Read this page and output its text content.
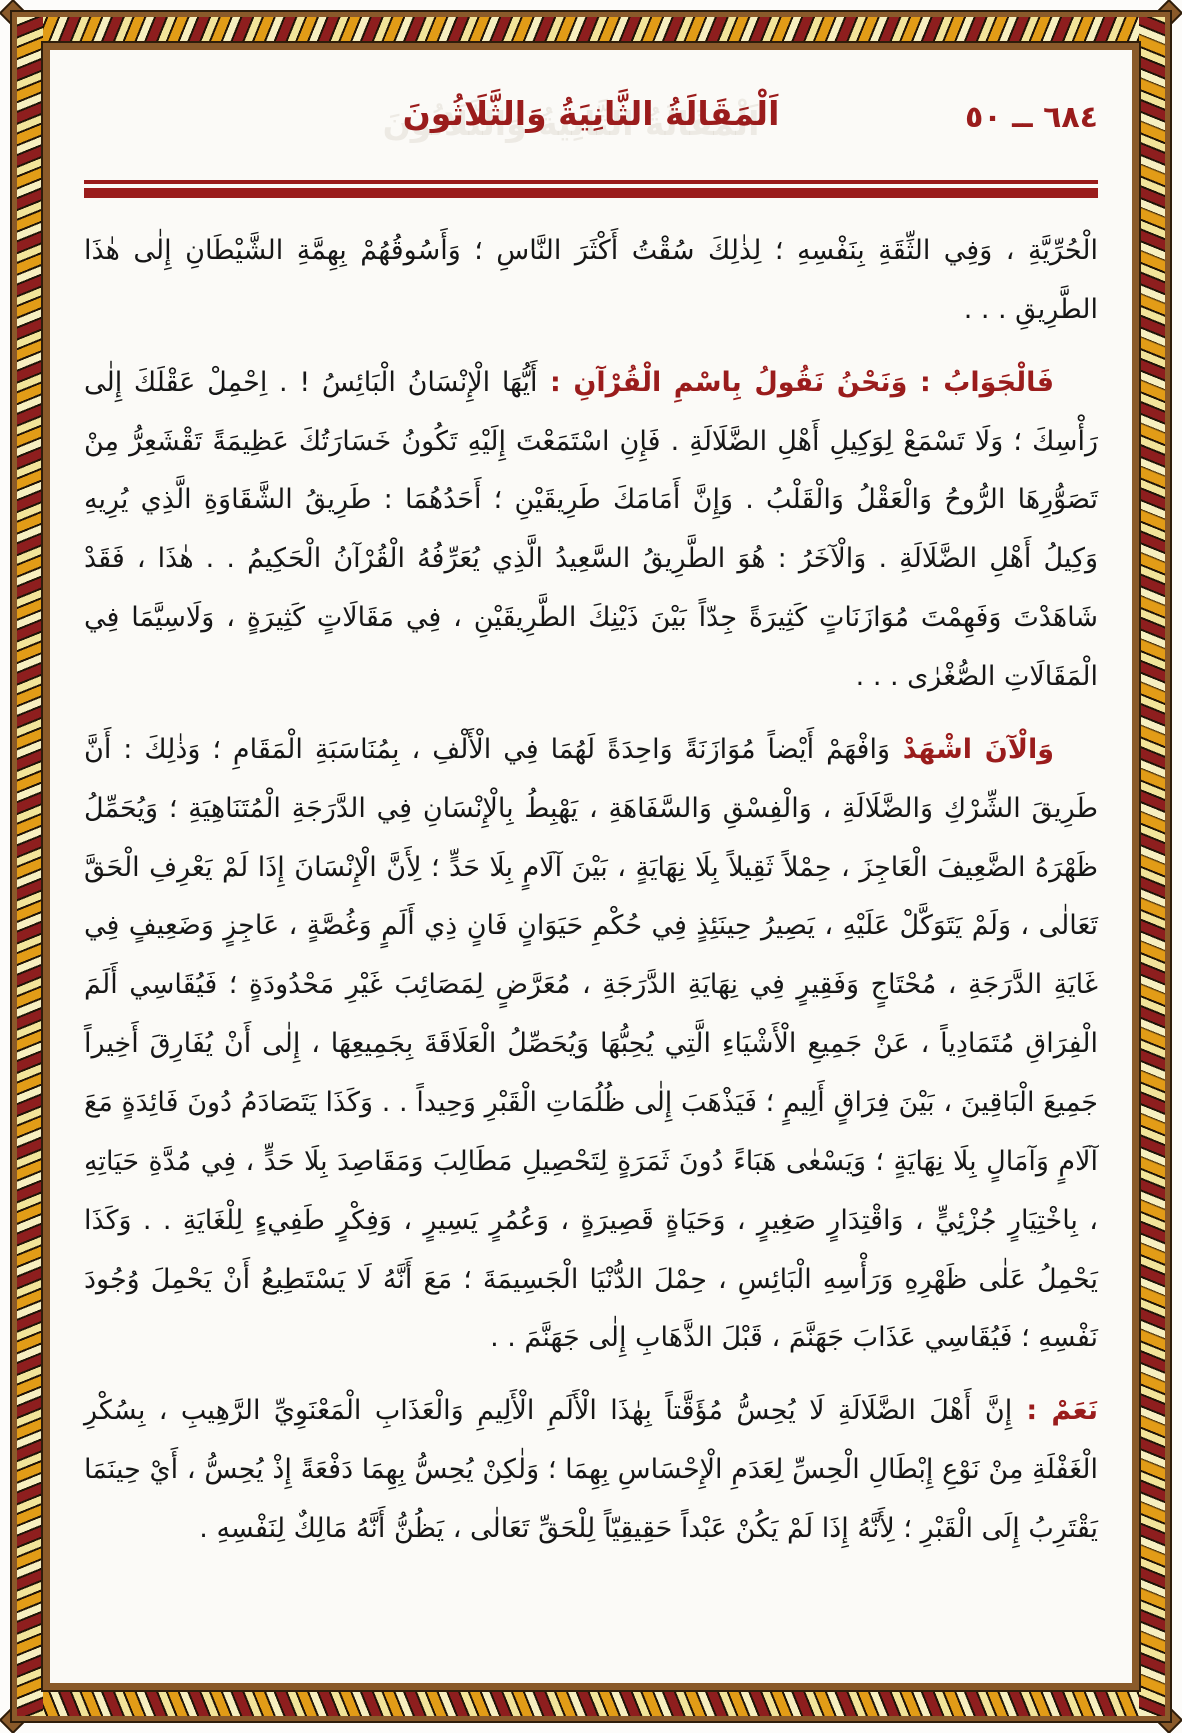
٦٨٤ ــ ٥٠
اَلْمَقَالَةُ الثَّانِيَةُ وَالثَّلَاثُونَ

الْحُرِّيَّةِ ، وَفِي الثِّقَةِ بِنَفْسِهِ ؛ لِذٰلِكَ سُقْتُ أَكْثَرَ النَّاسِ ؛ وَأَسُوقُهُمْ بِهِمَّةِ الشَّيْطَانِ إِلٰى هٰذَا الطَّرِيقِ . . .

فَالْجَوَابُ : وَنَحْنُ نَقُولُ بِاسْمِ الْقُرْآنِ : أَيُّهَا الْإِنْسَانُ الْبَائِسُ ! . اِحْمِلْ عَقْلَكَ إِلٰى رَأْسِكَ ؛ وَلَا تَسْمَعْ لِوَكِيلِ أَهْلِ الضَّلَالَةِ . فَإِنِ اسْتَمَعْتَ إِلَيْهِ تَكُونُ خَسَارَتُكَ عَظِيمَةً تَقْشَعِرُّ مِنْ تَصَوُّرِهَا الرُّوحُ وَالْعَقْلُ وَالْقَلْبُ . وَإِنَّ أَمَامَكَ طَرِيقَيْنِ ؛ أَحَدُهُمَا : طَرِيقُ الشَّقَاوَةِ الَّذِي يُرِيهِ وَكِيلُ أَهْلِ الضَّلَالَةِ . وَالْآخَرُ : هُوَ الطَّرِيقُ السَّعِيدُ الَّذِي يُعَرِّفُهُ الْقُرْآنُ الْحَكِيمُ . . هٰذَا ، فَقَدْ شَاهَدْتَ وَفَهِمْتَ مُوَازَنَاتٍ كَثِيرَةً جِدّاً بَيْنَ ذَيْنِكَ الطَّرِيقَيْنِ ، فِي مَقَالَاتٍ كَثِيرَةٍ ، وَلَاسِيَّمَا فِي الْمَقَالَاتِ الصُّغْرٰى . . .

وَالْآنَ اشْهَدْ وَافْهَمْ أَيْضاً مُوَازَنَةً وَاحِدَةً لَهُمَا فِي الْأَلْفِ ، بِمُنَاسَبَةِ الْمَقَامِ ؛ وَذٰلِكَ : أَنَّ طَرِيقَ الشِّرْكِ وَالضَّلَالَةِ ، وَالْفِسْقِ وَالسَّفَاهَةِ ، يَهْبِطُ بِالْإِنْسَانِ فِي الدَّرَجَةِ الْمُتَنَاهِيَةِ ؛ وَيُحَمِّلُ ظَهْرَهُ الضَّعِيفَ الْعَاجِزَ ، حِمْلاً ثَقِيلاً بِلَا نِهَايَةٍ ، بَيْنَ آلَامٍ بِلَا حَدٍّ ؛ لِأَنَّ الْإِنْسَانَ إِذَا لَمْ يَعْرِفِ الْحَقَّ تَعَالٰى ، وَلَمْ يَتَوَكَّلْ عَلَيْهِ ، يَصِيرُ حِينَئِذٍ فِي حُكْمِ حَيَوَانٍ فَانٍ ذِي أَلَمٍ وَغُصَّةٍ ، عَاجِزٍ وَضَعِيفٍ فِي غَايَةِ الدَّرَجَةِ ، مُحْتَاجٍ وَفَقِيرٍ فِي نِهَايَةِ الدَّرَجَةِ ، مُعَرَّضٍ لِمَصَائِبَ غَيْرِ مَحْدُودَةٍ ؛ فَيُقَاسِي أَلَمَ الْفِرَاقِ مُتَمَادِياً ، عَنْ جَمِيعِ الْأَشْيَاءِ الَّتِي يُحِبُّهَا وَيُحَصِّلُ الْعَلَاقَةَ بِجَمِيعِهَا ، إِلٰى أَنْ يُفَارِقَ أَخِيراً جَمِيعَ الْبَاقِينَ ، بَيْنَ فِرَاقٍ أَلِيمٍ ؛ فَيَذْهَبَ إِلٰى ظُلُمَاتِ الْقَبْرِ وَحِيداً . . وَكَذَا يَتَصَادَمُ دُونَ فَائِدَةٍ مَعَ آلَامٍ وَآمَالٍ بِلَا نِهَايَةٍ ؛ وَيَسْعٰى هَبَاءً دُونَ ثَمَرَةٍ لِتَحْصِيلِ مَطَالِبَ وَمَقَاصِدَ بِلَا حَدٍّ ، فِي مُدَّةِ حَيَاتِهِ ، بِاخْتِيَارٍ جُزْئِيٍّ ، وَاقْتِدَارٍ صَغِيرٍ ، وَحَيَاةٍ قَصِيرَةٍ ، وَعُمُرٍ يَسِيرٍ ، وَفِكْرٍ طَفِيءٍ لِلْغَايَةِ . . وَكَذَا يَحْمِلُ عَلٰى ظَهْرِهِ وَرَأْسِهِ الْبَائِسِ ، حِمْلَ الدُّنْيَا الْجَسِيمَةَ ؛ مَعَ أَنَّهُ لَا يَسْتَطِيعُ أَنْ يَحْمِلَ وُجُودَ نَفْسِهِ ؛ فَيُقَاسِي عَذَابَ جَهَنَّمَ ، قَبْلَ الذَّهَابِ إِلٰى جَهَنَّمَ . .

نَعَمْ : إِنَّ أَهْلَ الضَّلَالَةِ لَا يُحِسُّ مُؤَقَّتاً بِهٰذَا الْأَلَمِ الْأَلِيمِ وَالْعَذَابِ الْمَعْنَوِيِّ الرَّهِيبِ ، بِسُكْرِ الْغَفْلَةِ مِنْ نَوْعِ إِبْطَالِ الْحِسِّ لِعَدَمِ الْإِحْسَاسِ بِهِمَا ؛ وَلٰكِنْ يُحِسُّ بِهِمَا دَفْعَةً إِذْ يُحِسُّ ، أَيْ حِينَمَا يَقْتَرِبُ إِلَى الْقَبْرِ ؛ لِأَنَّهُ إِذَا لَمْ يَكُنْ عَبْداً حَقِيقِيّاً لِلْحَقِّ تَعَالٰى ، يَظُنُّ أَنَّهُ مَالِكٌ لِنَفْسِهِ .
